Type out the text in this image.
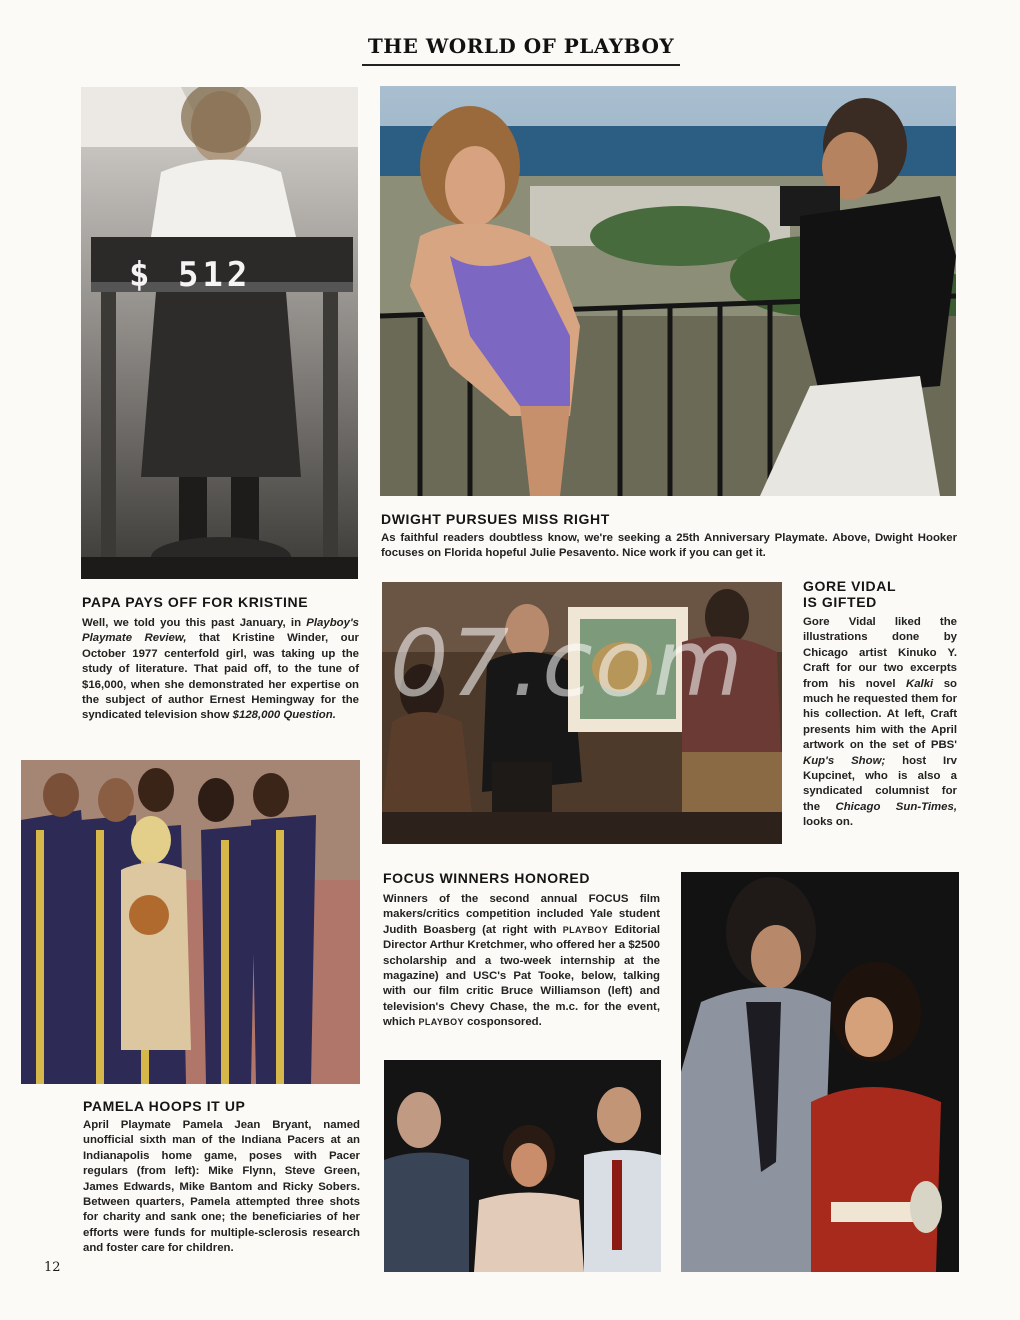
THE WORLD OF PLAYBOY
$ 512
DWIGHT PURSUES MISS RIGHT
As faithful readers doubtless know, we're seeking a 25th Anniversary Playmate. Above, Dwight Hooker focuses on Florida hopeful Julie Pesavento. Nice work if you can get it.
PAPA PAYS OFF FOR KRISTINE
Well, we told you this past January, in Playboy's Playmate Review, that Kristine Winder, our October 1977 centerfold girl, was taking up the study of literature. That paid off, to the tune of $16,000, when she demonstrated her expertise on the subject of author Ernest Hemingway for the syndicated television show $128,000 Question. 07.com
GORE VIDAL
IS GIFTED
Gore Vidal liked the illustrations done by Chicago artist Kinuko Y. Craft for our two excerpts from his novel Kalki so much he requested them for his collection. At left, Craft presents him with the April artwork on the set of PBS' Kup's Show; host Irv Kupcinet, who is also a syndicated columnist for the Chicago Sun-Times, looks on.
FOCUS WINNERS HONORED
Winners of the second annual FOCUS film makers/critics competition included Yale student Judith Boasberg (at right with PLAYBOY Editorial Director Arthur Kretchmer, who offered her a $2500 scholarship and a two-week internship at the magazine) and USC's Pat Tooke, below, talking with our film critic Bruce Williamson (left) and television's Chevy Chase, the m.c. for the event, which PLAYBOY cosponsored.
PAMELA HOOPS IT UP
April Playmate Pamela Jean Bryant, named unofficial sixth man of the Indiana Pacers at an Indianapolis home game, poses with Pacer regulars (from left): Mike Flynn, Steve Green, James Edwards, Mike Bantom and Ricky Sobers. Between quarters, Pamela attempted three shots for charity and sank one; the beneficiaries of her efforts were funds for multiple-sclerosis research and foster care for children.
12
